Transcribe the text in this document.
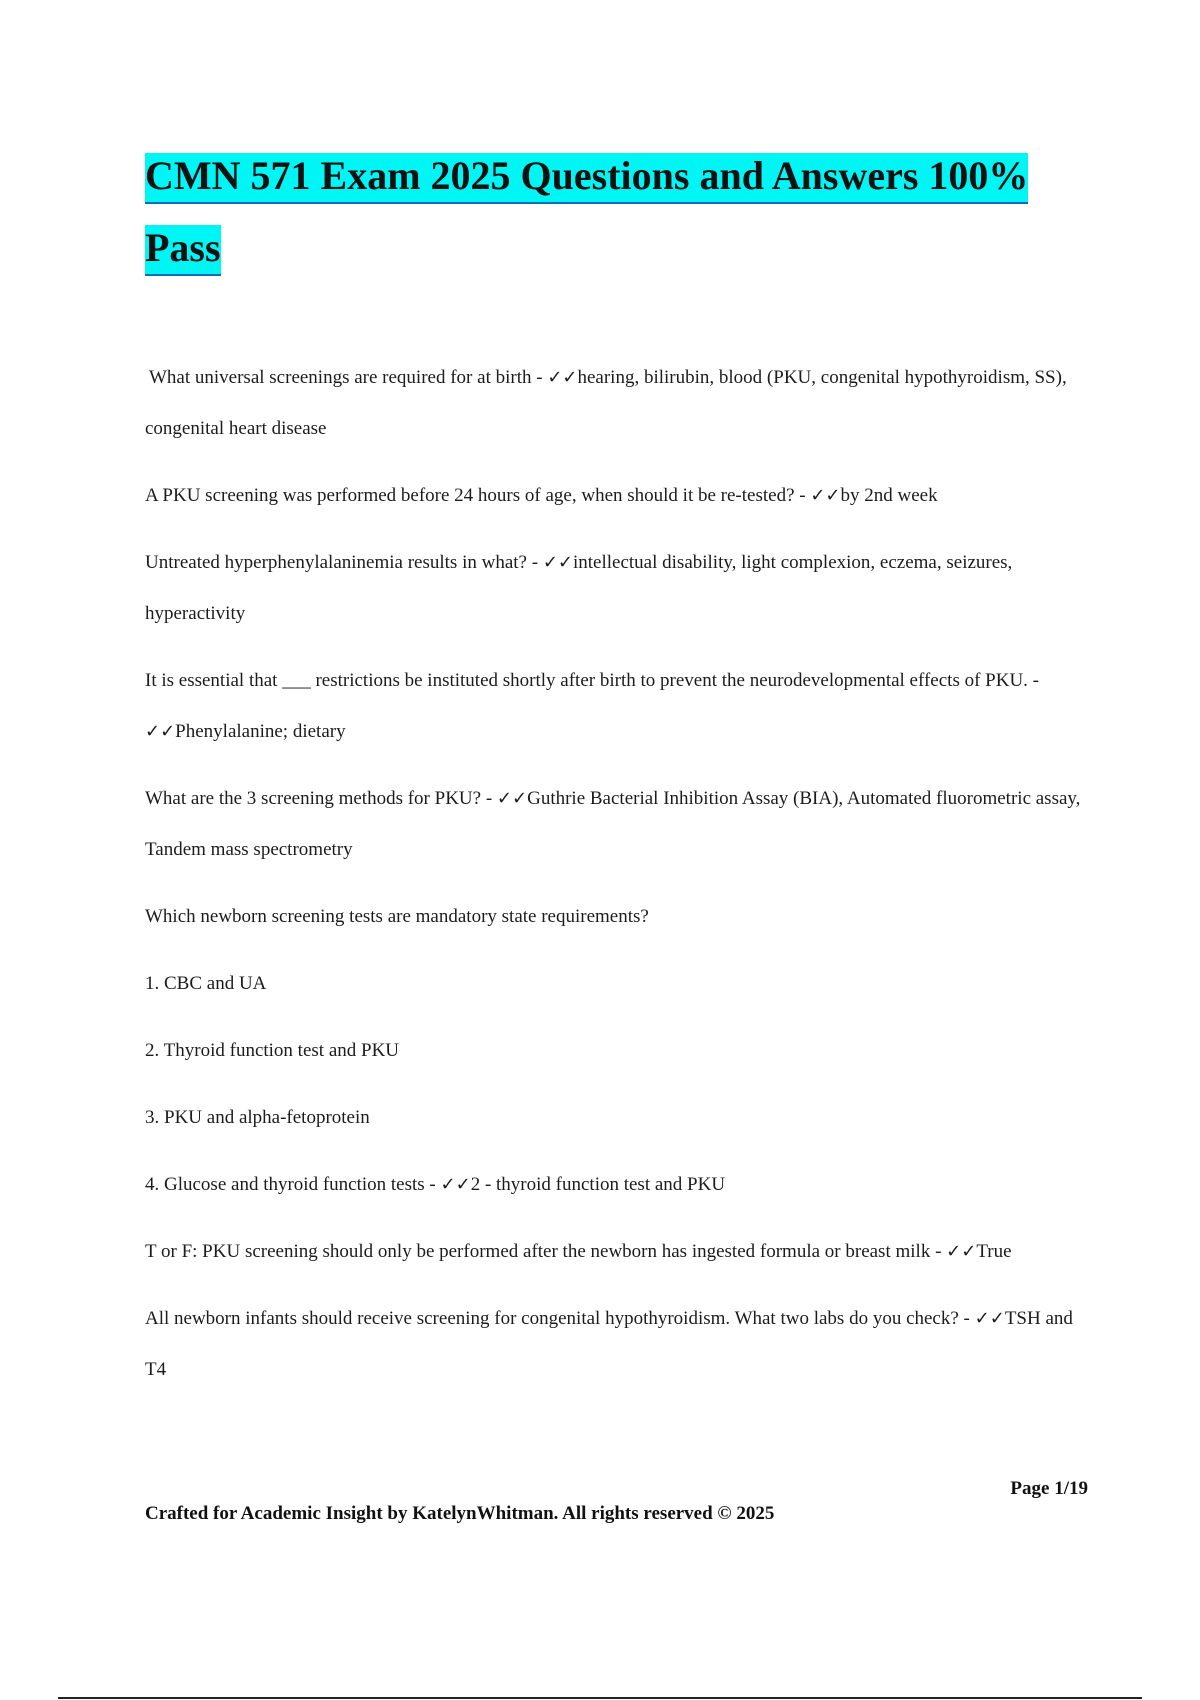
CMN 571 Exam 2025 Questions and Answers 100% Pass

What universal screenings are required for at birth - ✓✓hearing, bilirubin, blood (PKU, congenital hypothyroidism, SS), congenital heart disease

A PKU screening was performed before 24 hours of age, when should it be re-tested? - ✓✓by 2nd week

Untreated hyperphenylalaninemia results in what? - ✓✓intellectual disability, light complexion, eczema, seizures, hyperactivity

It is essential that ___ restrictions be instituted shortly after birth to prevent the neurodevelopmental effects of PKU. - ✓✓Phenylalanine; dietary

What are the 3 screening methods for PKU? - ✓✓Guthrie Bacterial Inhibition Assay (BIA), Automated fluorometric assay, Tandem mass spectrometry

Which newborn screening tests are mandatory state requirements?

1. CBC and UA

2. Thyroid function test and PKU

3. PKU and alpha-fetoprotein

4. Glucose and thyroid function tests - ✓✓2 - thyroid function test and PKU

T or F: PKU screening should only be performed after the newborn has ingested formula or breast milk - ✓✓True

All newborn infants should receive screening for congenital hypothyroidism. What two labs do you check? - ✓✓TSH and T4

Page 1/19
Crafted for Academic Insight by KatelynWhitman. All rights reserved © 2025
